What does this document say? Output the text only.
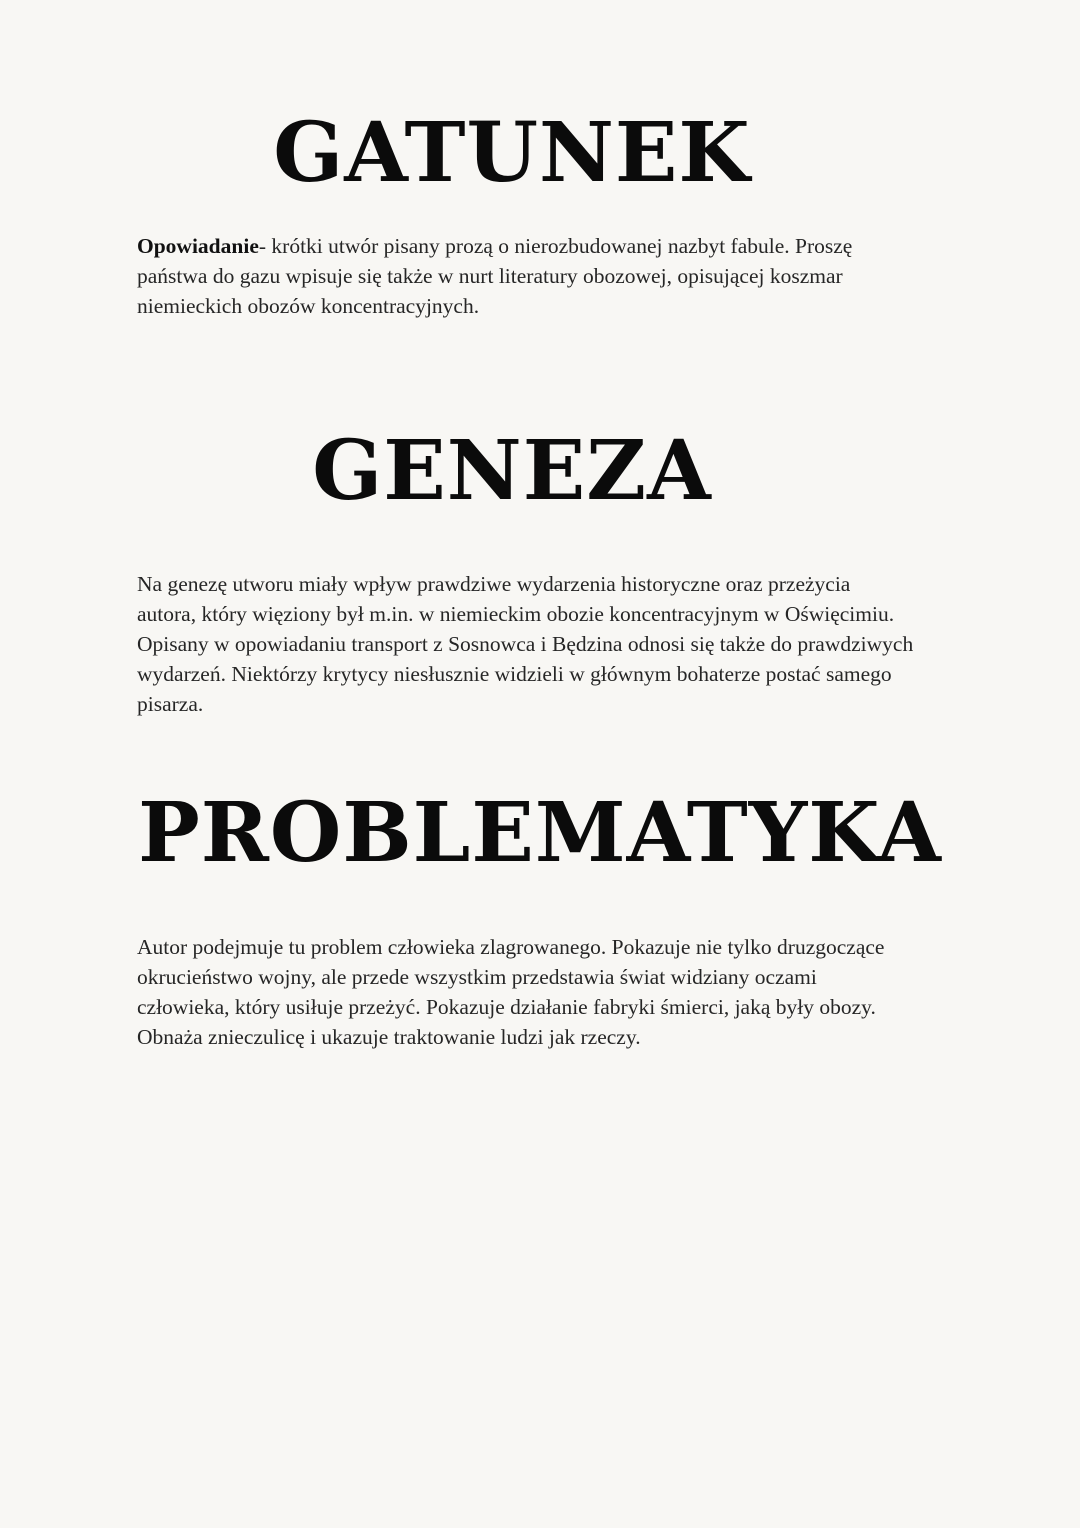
GATUNEK

Opowiadanie- krótki utwór pisany prozą o nierozbudowanej nazbyt fabule. Proszę
państwa do gazu wpisuje się także w nurt literatury obozowej, opisującej koszmar
niemieckich obozów koncentracyjnych.

GENEZA

Na genezę utworu miały wpływ prawdziwe wydarzenia historyczne oraz przeżycia
autora, który więziony był m.in. w niemieckim obozie koncentracyjnym w Oświęcimiu.
Opisany w opowiadaniu transport z Sosnowca i Będzina odnosi się także do prawdziwych
wydarzeń. Niektórzy krytycy niesłusznie widzieli w głównym bohaterze postać samego
pisarza.

PROBLEMATYKA

Autor podejmuje tu problem człowieka zlagrowanego. Pokazuje nie tylko druzgoczące
okrucieństwo wojny, ale przede wszystkim przedstawia świat widziany oczami
człowieka, który usiłuje przeżyć. Pokazuje działanie fabryki śmierci, jaką były obozy.
Obnaża znieczulicę i ukazuje traktowanie ludzi jak rzeczy.
